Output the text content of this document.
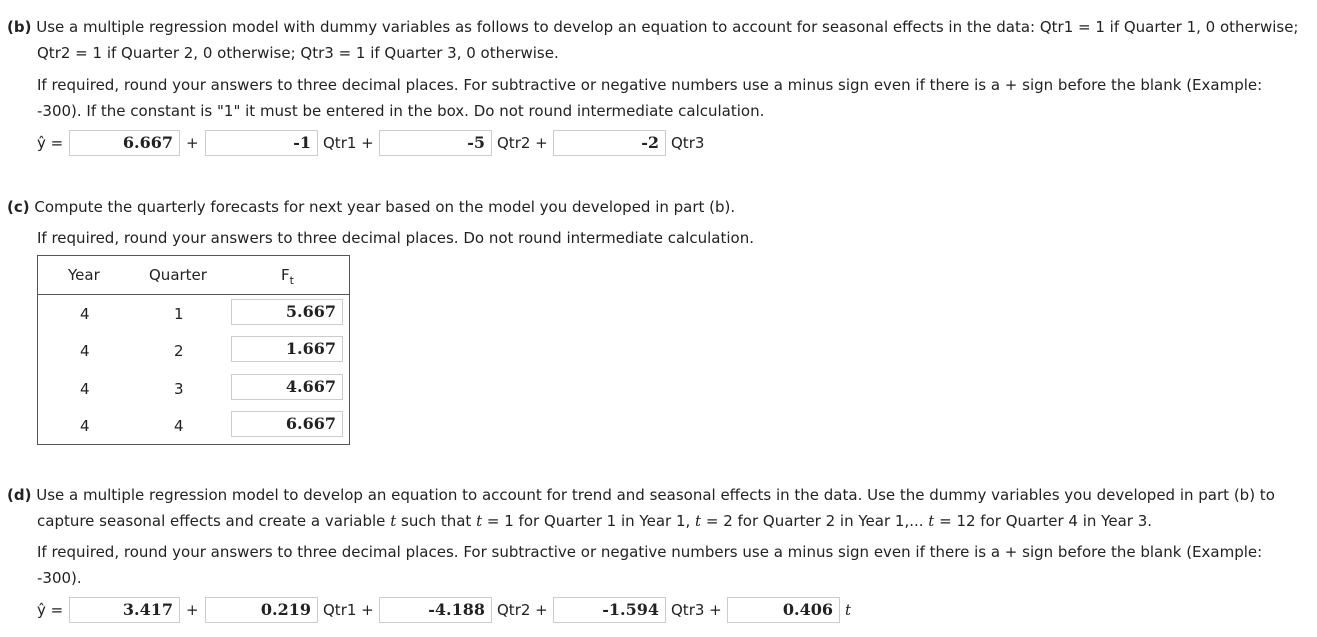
(b) Use a multiple regression model with dummy variables as follows to develop an equation to account for seasonal effects in the data: Qtr1 = 1 if Quarter 1, 0 otherwise;
Qtr2 = 1 if Quarter 2, 0 otherwise; Qtr3 = 1 if Quarter 3, 0 otherwise.
If required, round your answers to three decimal places. For subtractive or negative numbers use a minus sign even if there is a + sign before the blank (Example:
-300). If the constant is "1" it must be entered in the box. Do not round intermediate calculation.
ŷ =	6.667 +	-1 Qtr1 +	-5 Qtr2 +	-2 Qtr3
(c) Compute the quarterly forecasts for next year based on the model you developed in part (b).
If required, round your answers to three decimal places. Do not round intermediate calculation.
Year	Quarter	$F_t$
4	1	5.667
4	2	1.667
4	3	4.667
4	4	6.667
(d) Use a multiple regression model to develop an equation to account for trend and seasonal effects in the data. Use the dummy variables you developed in part (b) to
capture seasonal effects and create a variable t such that t = 1 for Quarter 1 in Year 1, t = 2 for Quarter 2 in Year 1,... t = 12 for Quarter 4 in Year 3.
If required, round your answers to three decimal places. For subtractive or negative numbers use a minus sign even if there is a + sign before the blank (Example:
-300).
ŷ =	3.417 +	0.219 Qtr1 +	-4.188 Qtr2 +	-1.594 Qtr3 +	0.406 t
